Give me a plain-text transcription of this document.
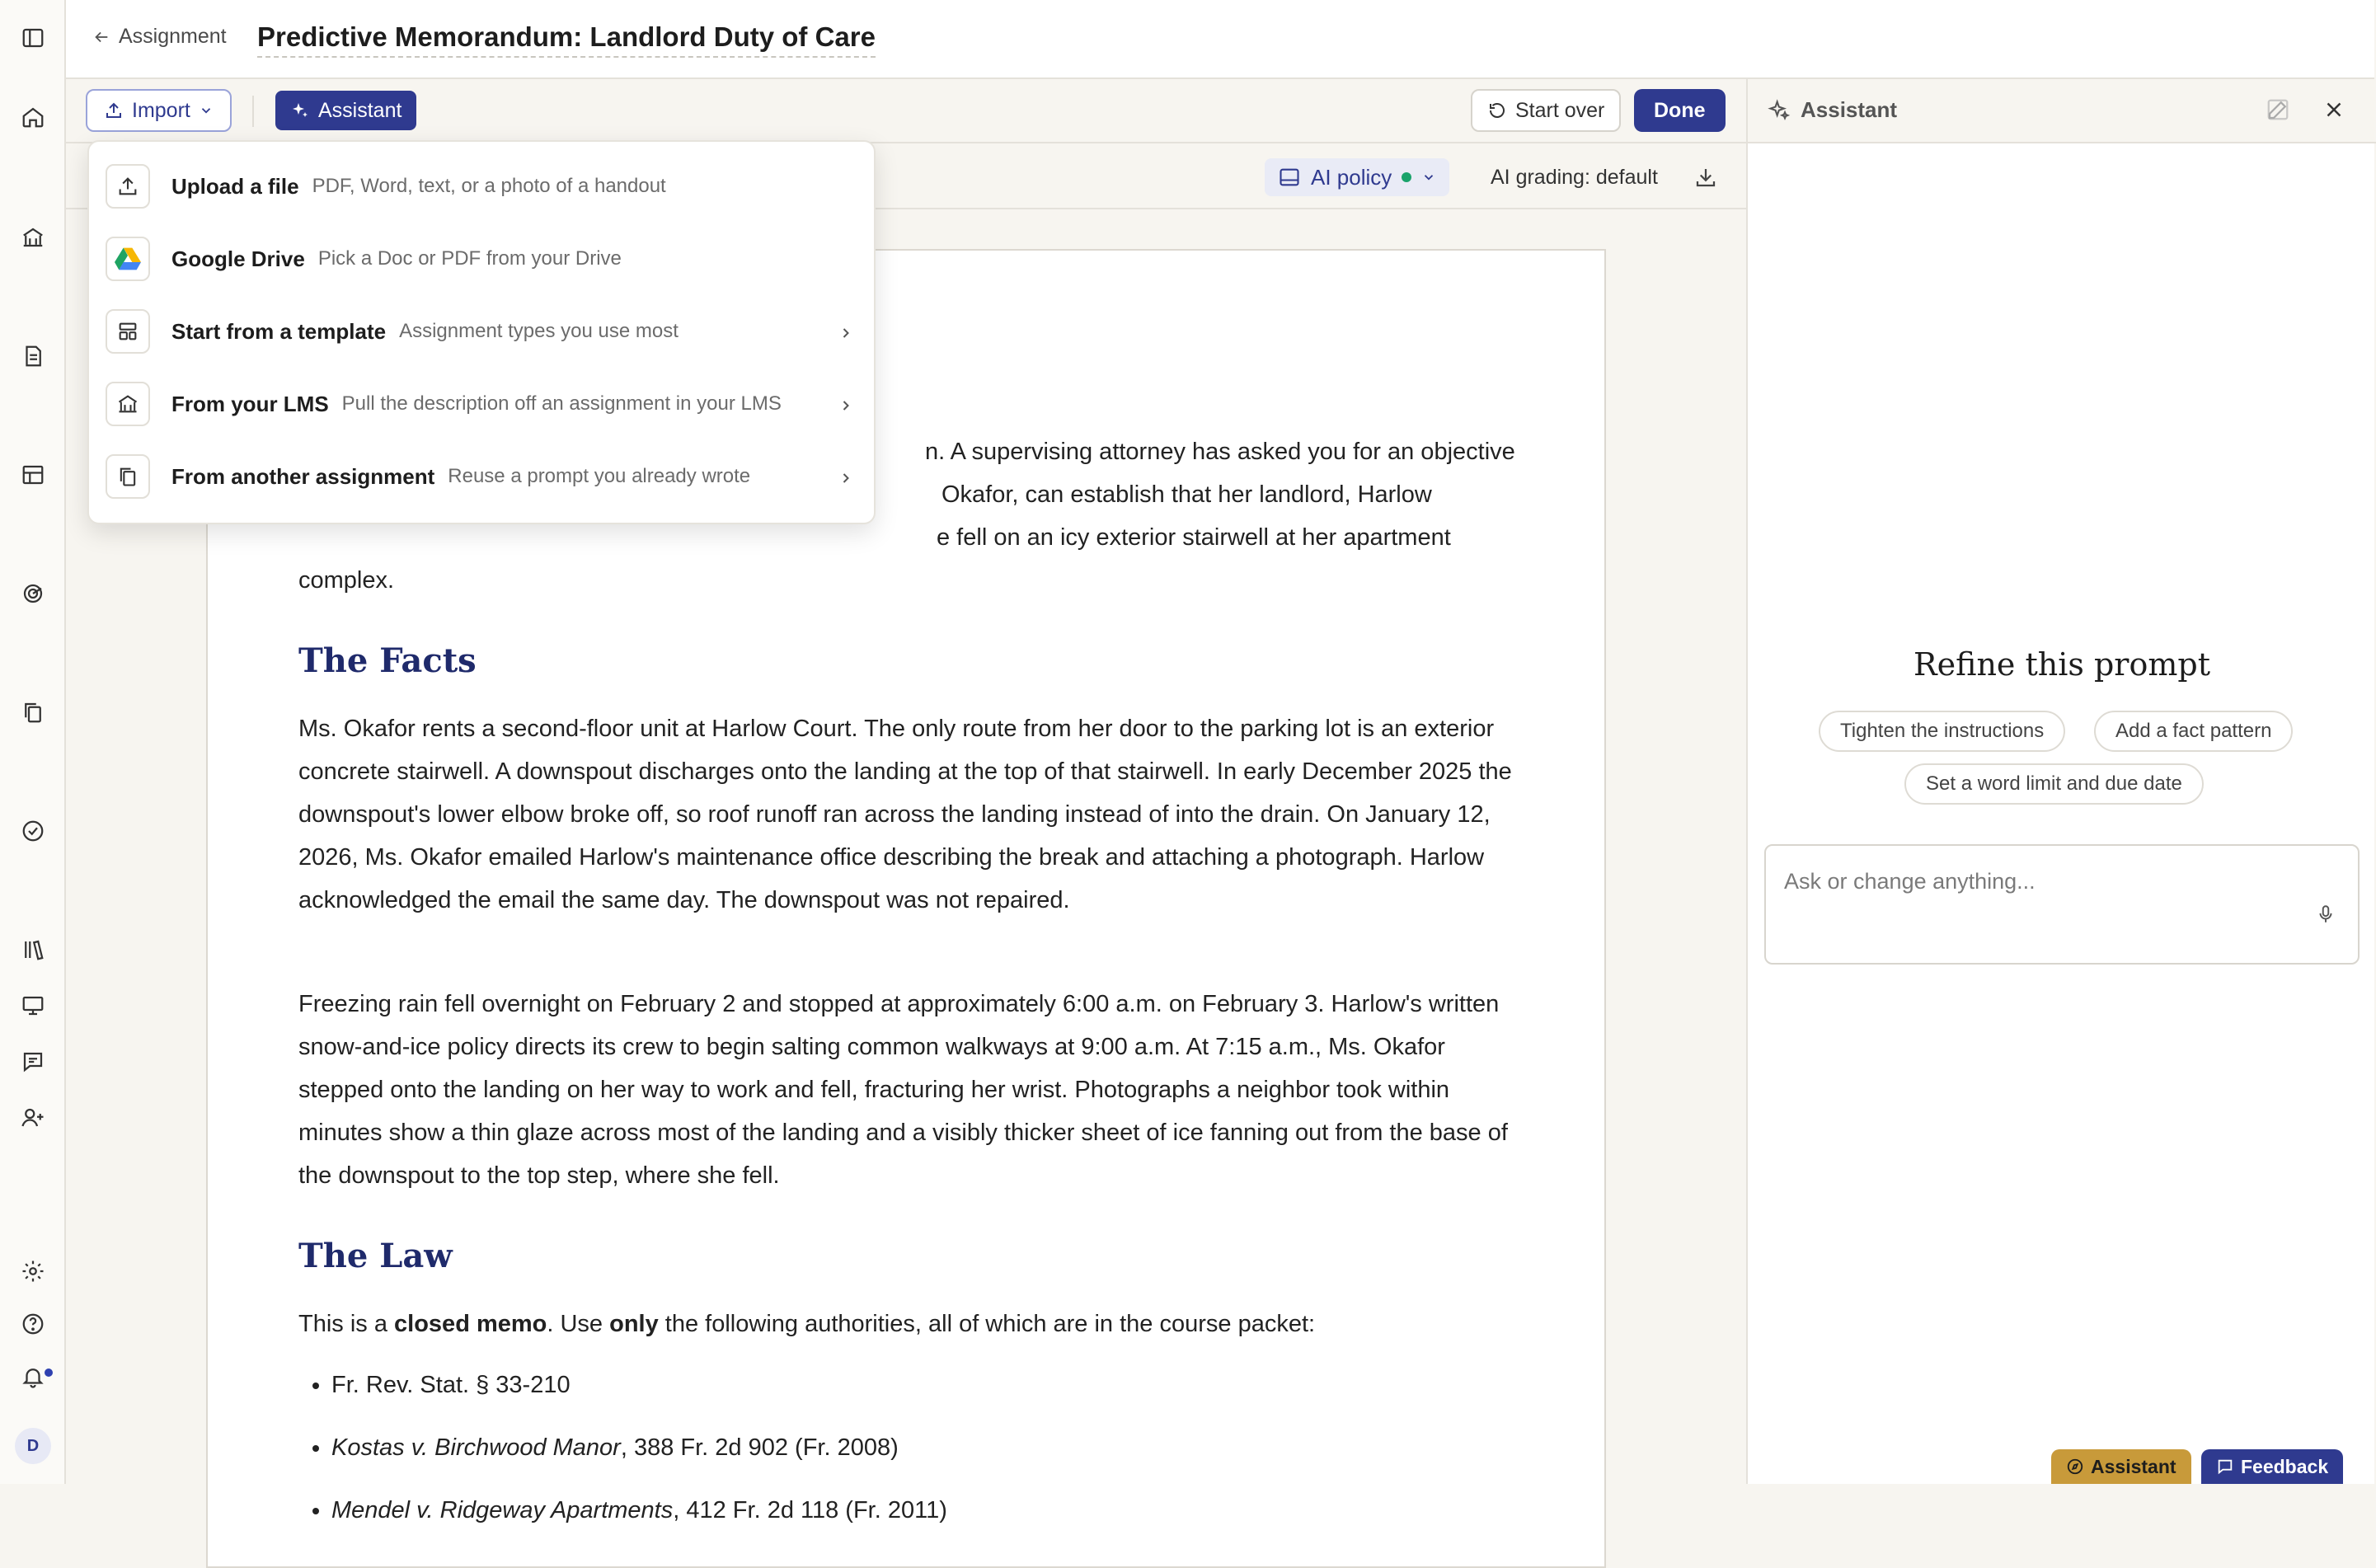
D
Assignment Predictive Memorandum: Landlord Duty of Care
Import	Assistant	Start over	Done
AI policy	AI grading: default
n. A supervising attorney has asked you for an objective
Okafor, can establish that her landlord, Harlow
e fell on an icy exterior stairwell at her apartment
complex.
The Facts

Ms. Okafor rents a second-floor unit at Harlow Court. The only route from her door to the parking lot is an exterior concrete stairwell. A downspout discharges onto the landing at the top of that stairwell. In early December 2025 the downspout's lower elbow broke off, so roof runoff ran across the landing instead of into the drain. On January 12, 2026, Ms. Okafor emailed Harlow's maintenance office describing the break and attaching a photograph. Harlow acknowledged the email the same day. The downspout was not repaired.

Freezing rain fell overnight on February 2 and stopped at approximately 6:00 a.m. on February 3. Harlow's written snow-and-ice policy directs its crew to begin salting common walkways at 9:00 a.m. At 7:15 a.m., Ms. Okafor stepped onto the landing on her way to work and fell, fracturing her wrist. Photographs a neighbor took within minutes show a thin glaze across most of the landing and a visibly thicker sheet of ice fanning out from the base of the downspout to the top step, where she fell.

The Law

This is a closed memo. Use only the following authorities, all of which are in the course packet:

• Fr. Rev. Stat. § 33-210
• Kostas v. Birchwood Manor, 388 Fr. 2d 902 (Fr. 2008)
• Mendel v. Ridgeway Apartments, 412 Fr. 2d 118 (Fr. 2011)
Upload a file PDF, Word, text, or a photo of a handout
Google Drive Pick a Doc or PDF from your Drive
Start from a template Assignment types you use most
From your LMS Pull the description off an assignment in your LMS
From another assignment Reuse a prompt you already wrote
Assistant
Refine this prompt
Tighten the instructions	Add a fact pattern
Set a word limit and due date
Ask or change anything...
Assistant	Feedback
